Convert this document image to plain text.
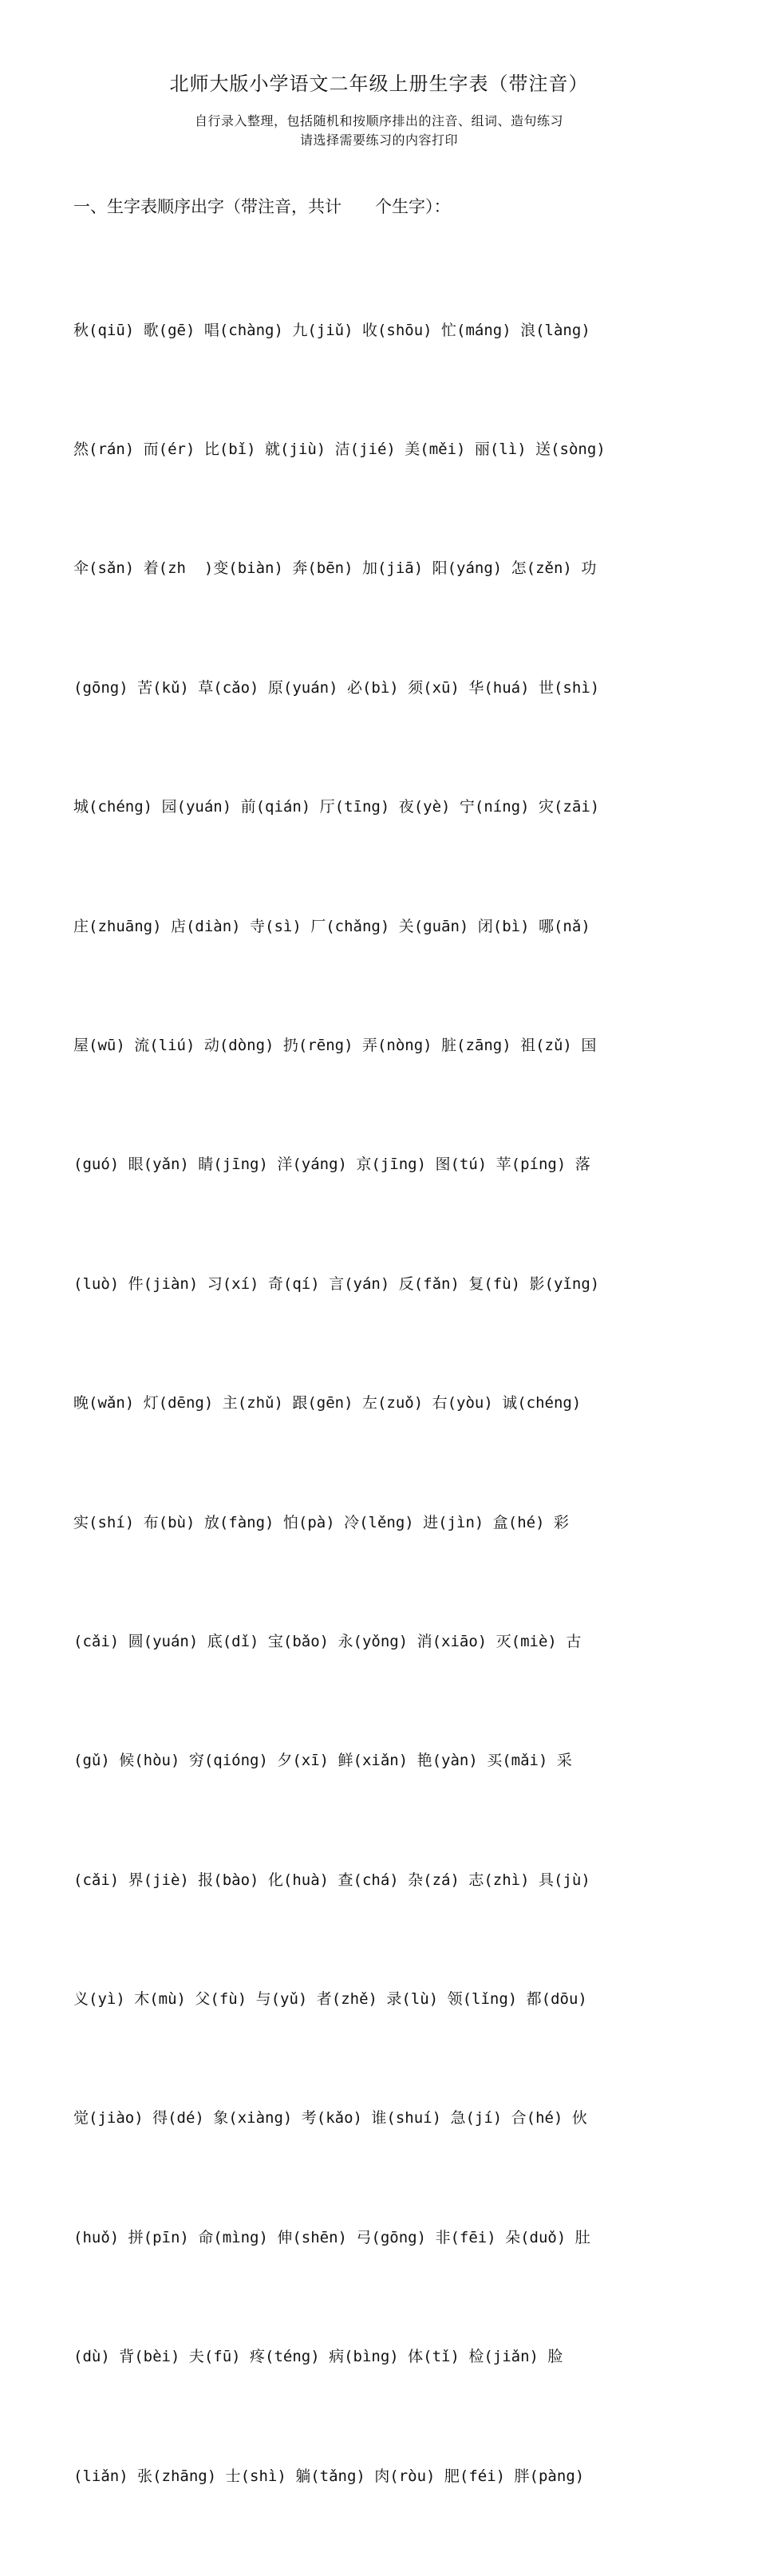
北师大版小学语文二年级上册生字表（带注音）
自行录入整理，包括随机和按顺序排出的注音、组词、造句练习
请选择需要练习的内容打印
一、生字表顺序出字（带注音，共计　　个生字）：

秋(qiū) 歌(gē) 唱(chàng) 九(jiǔ) 收(shōu) 忙(máng) 浪(làng)

然(rán) 而(ér) 比(bǐ) 就(jiù) 洁(jié) 美(měi) 丽(lì) 送(sòng)

伞(sǎn) 着(zh  )变(biàn) 奔(bēn) 加(jiā) 阳(yáng) 怎(zěn) 功

(gōng) 苦(kǔ) 草(cǎo) 原(yuán) 必(bì) 须(xū) 华(huá) 世(shì)

城(chéng) 园(yuán) 前(qián) 厅(tīng) 夜(yè) 宁(níng) 灾(zāi)

庄(zhuāng) 店(diàn) 寺(sì) 厂(chǎng) 关(guān) 闭(bì) 哪(nǎ)

屋(wū) 流(liú) 动(dòng) 扔(rēng) 弄(nòng) 脏(zāng) 祖(zǔ) 国

(guó) 眼(yǎn) 睛(jīng) 洋(yáng) 京(jīng) 图(tú) 苹(píng) 落

(luò) 件(jiàn) 习(xí) 奇(qí) 言(yán) 反(fǎn) 复(fù) 影(yǐng)

晚(wǎn) 灯(dēng) 主(zhǔ) 跟(gēn) 左(zuǒ) 右(yòu) 诚(chéng)

实(shí) 布(bù) 放(fàng) 怕(pà) 冷(lěng) 进(jìn) 盒(hé) 彩

(cǎi) 圆(yuán) 底(dǐ) 宝(bǎo) 永(yǒng) 消(xiāo) 灭(miè) 古

(gǔ) 候(hòu) 穷(qióng) 夕(xī) 鲜(xiǎn) 艳(yàn) 买(mǎi) 采

(cǎi) 界(jiè) 报(bào) 化(huà) 查(chá) 杂(zá) 志(zhì) 具(jù)

义(yì) 木(mù) 父(fù) 与(yǔ) 者(zhě) 录(lù) 领(lǐng) 都(dōu)

觉(jiào) 得(dé) 象(xiàng) 考(kǎo) 谁(shuí) 急(jí) 合(hé) 伙

(huǒ) 拼(pīn) 命(mìng) 伸(shēn) 弓(gōng) 非(fēi) 朵(duǒ) 肚

(dù) 背(bèi) 夫(fū) 疼(téng) 病(bìng) 体(tǐ) 检(jiǎn) 脸

(liǎn) 张(zhāng) 士(shì) 躺(tǎng) 肉(ròu) 肥(féi) 胖(pàng)
